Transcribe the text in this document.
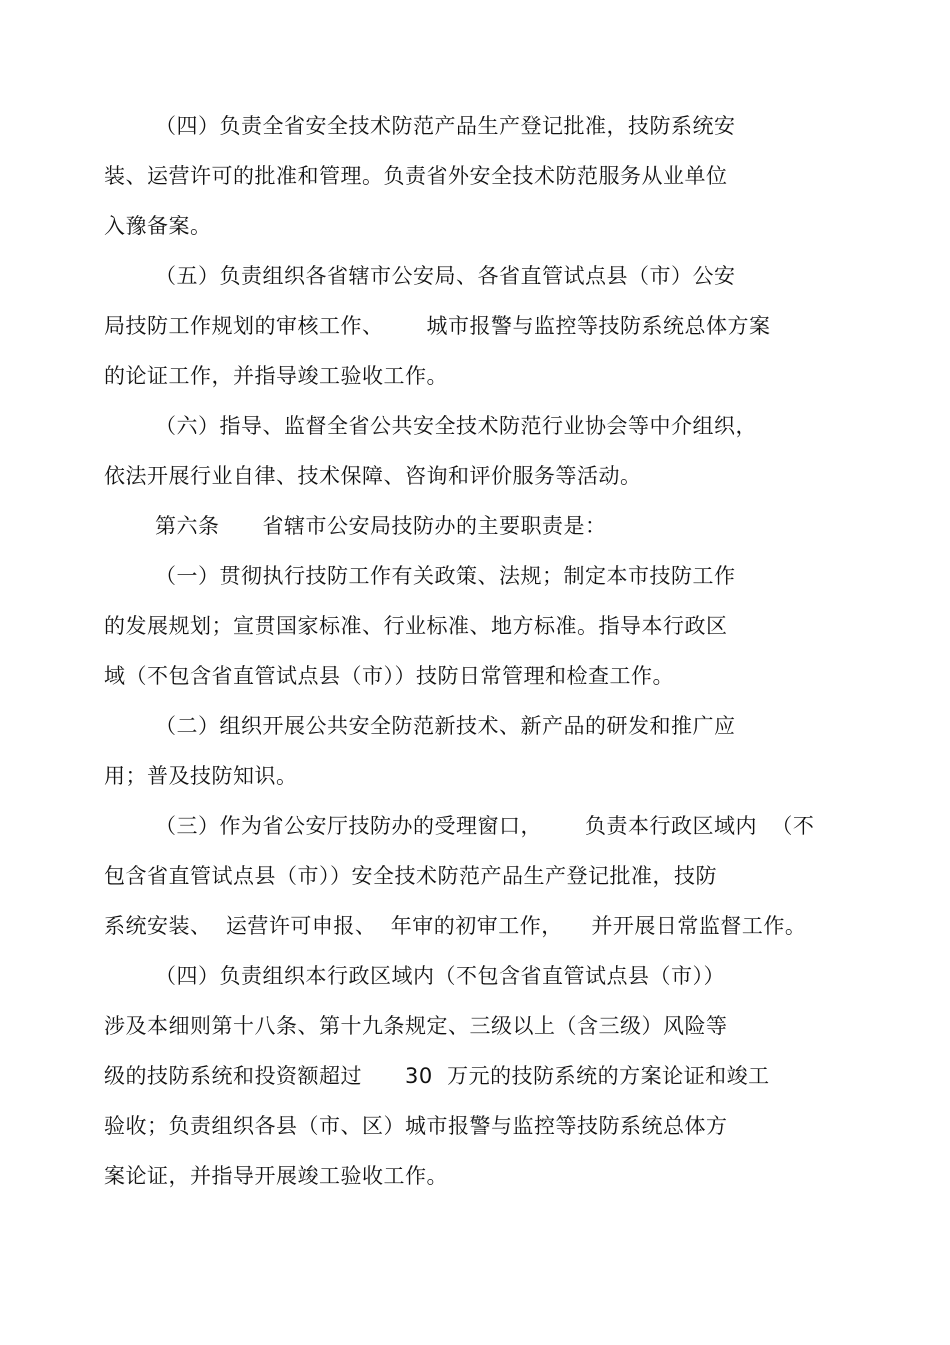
（四）负责全省安全技术防范产品生产登记批准，技防系统安
装、运营许可的批准和管理。负责省外安全技术防范服务从业单位
入豫备案。
（五）负责组织各省辖市公安局、各省直管试点县（市）公安
局技防工作规划的审核工作、      城市报警与监控等技防系统总体方案
的论证工作，并指导竣工验收工作。
（六）指导、监督全省公共安全技术防范行业协会等中介组织，
依法开展行业自律、技术保障、咨询和评价服务等活动。
第六条      省辖市公安局技防办的主要职责是：
（一）贯彻执行技防工作有关政策、法规；制定本市技防工作
的发展规划；宣贯国家标准、行业标准、地方标准。指导本行政区
域（不包含省直管试点县（市））技防日常管理和检查工作。
（二）组织开展公共安全防范新技术、新产品的研发和推广应
用；普及技防知识。
（三）作为省公安厅技防办的受理窗口，      负责本行政区域内  （不
包含省直管试点县（市））安全技术防范产品生产登记批准，技防
系统安装、  运营许可申报、  年审的初审工作，    并开展日常监督工作。
（四）负责组织本行政区域内（不包含省直管试点县（市））
涉及本细则第十八条、第十九条规定、三级以上（含三级）风险等
级的技防系统和投资额超过      30  万元的技防系统的方案论证和竣工
验收；负责组织各县（市、区）城市报警与监控等技防系统总体方
案论证，并指导开展竣工验收工作。
